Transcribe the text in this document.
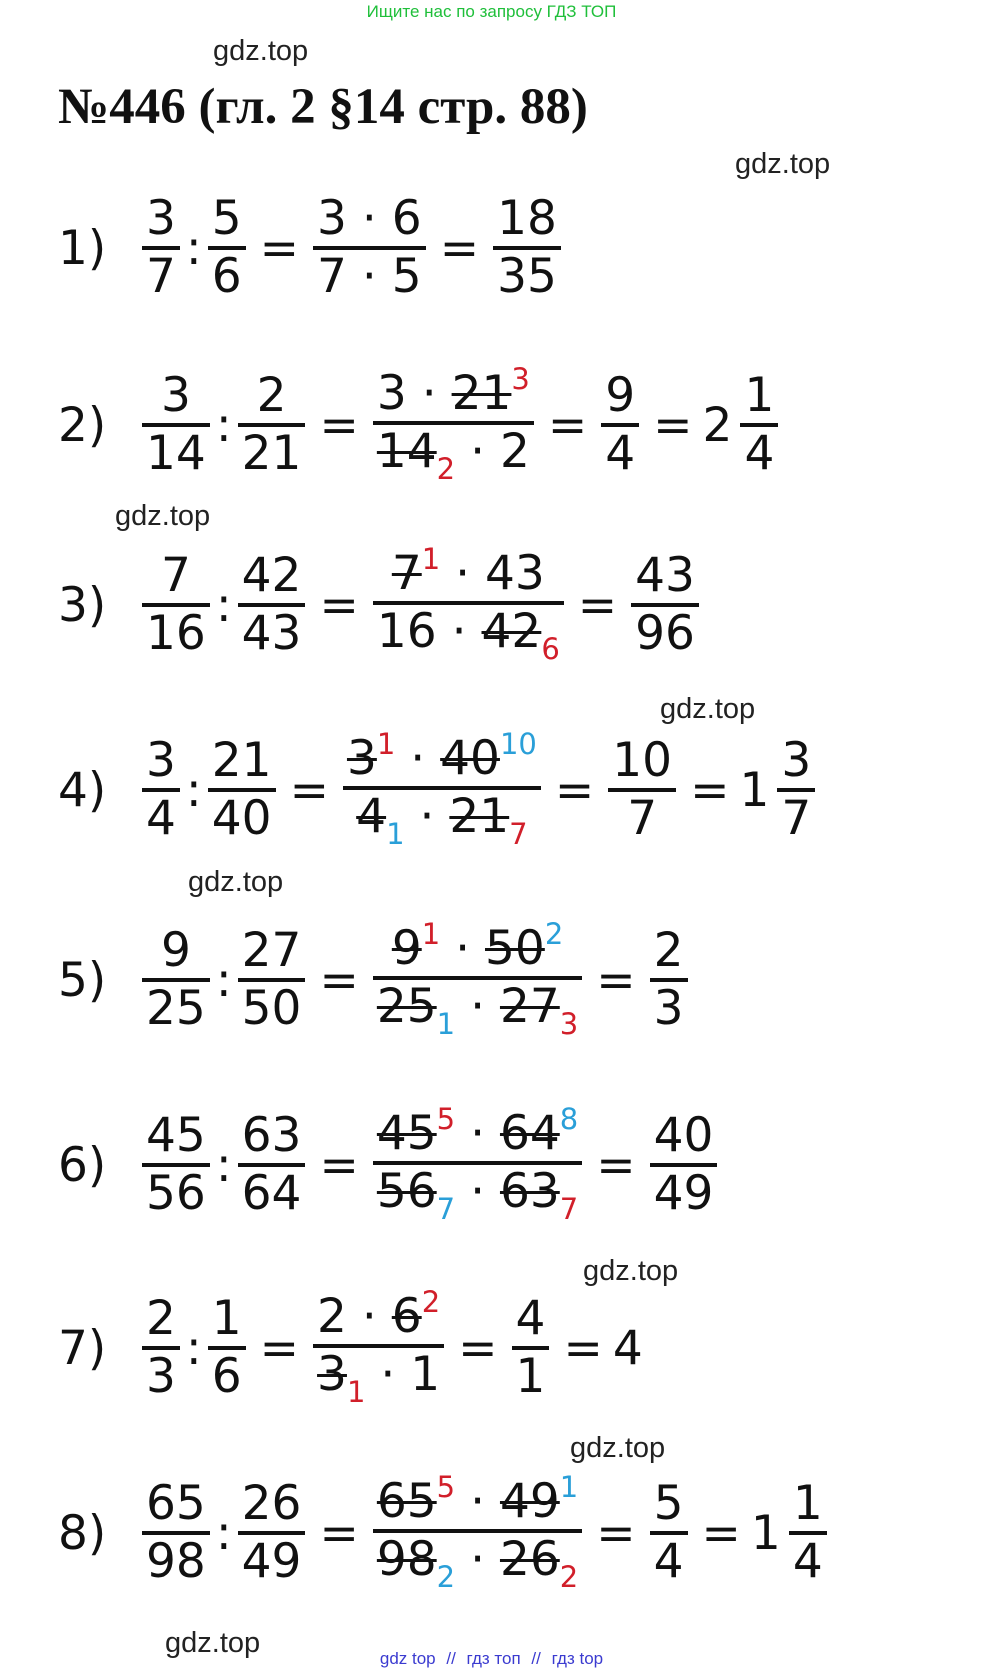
Ищите нас по запросу ГДЗ ТОП
gdz.top
№446 (гл. 2 §14 стр. 88)
gdz.top
gdz.top
gdz.top
gdz.top
gdz.top
gdz.top
gdz.top
$1) \frac{3}{7}$ : $\frac{5}{6} = \frac{3 \cdot 6}{7 \cdot 5} = \frac{18}{35}$
$2) \frac{3}{14}$ : $\frac{2}{21} = \frac{3 \cdot 21^3}{14_2 \cdot 2} = \frac{9}{4} = 2 \frac{1}{4}$
$3) \frac{7}{16}$ : $\frac{42}{43} = \frac{7^1 \cdot 43}{16 \cdot 42_6} = \frac{43}{96}$
$4) \frac{3}{4}$ : $\frac{21}{40} = \frac{3^1 \cdot 40^{10}}{4_1 \cdot 21_7} = \frac{10}{7} = 1 \frac{3}{7}$
$5) \frac{9}{25}$ : $\frac{27}{50} = \frac{9^1 \cdot 50^2}{25_1 \cdot 27_3} = \frac{2}{3}$
$6) \frac{45}{56}$ : $\frac{63}{64} = \frac{45^5 \cdot 64^8}{56_7 \cdot 63_7} = \frac{40}{49}$
$7) \frac{2}{3}$ : $\frac{1}{6} = \frac{2 \cdot 6^2}{3_1 \cdot 1} = \frac{4}{1} = 4$
$8) \frac{65}{98}$ : $\frac{26}{49} = \frac{65^5 \cdot 49^1}{98_2 \cdot 26_2} = \frac{5}{4} = 1 \frac{1}{4}$
gdz top // гдз топ // гдз top
